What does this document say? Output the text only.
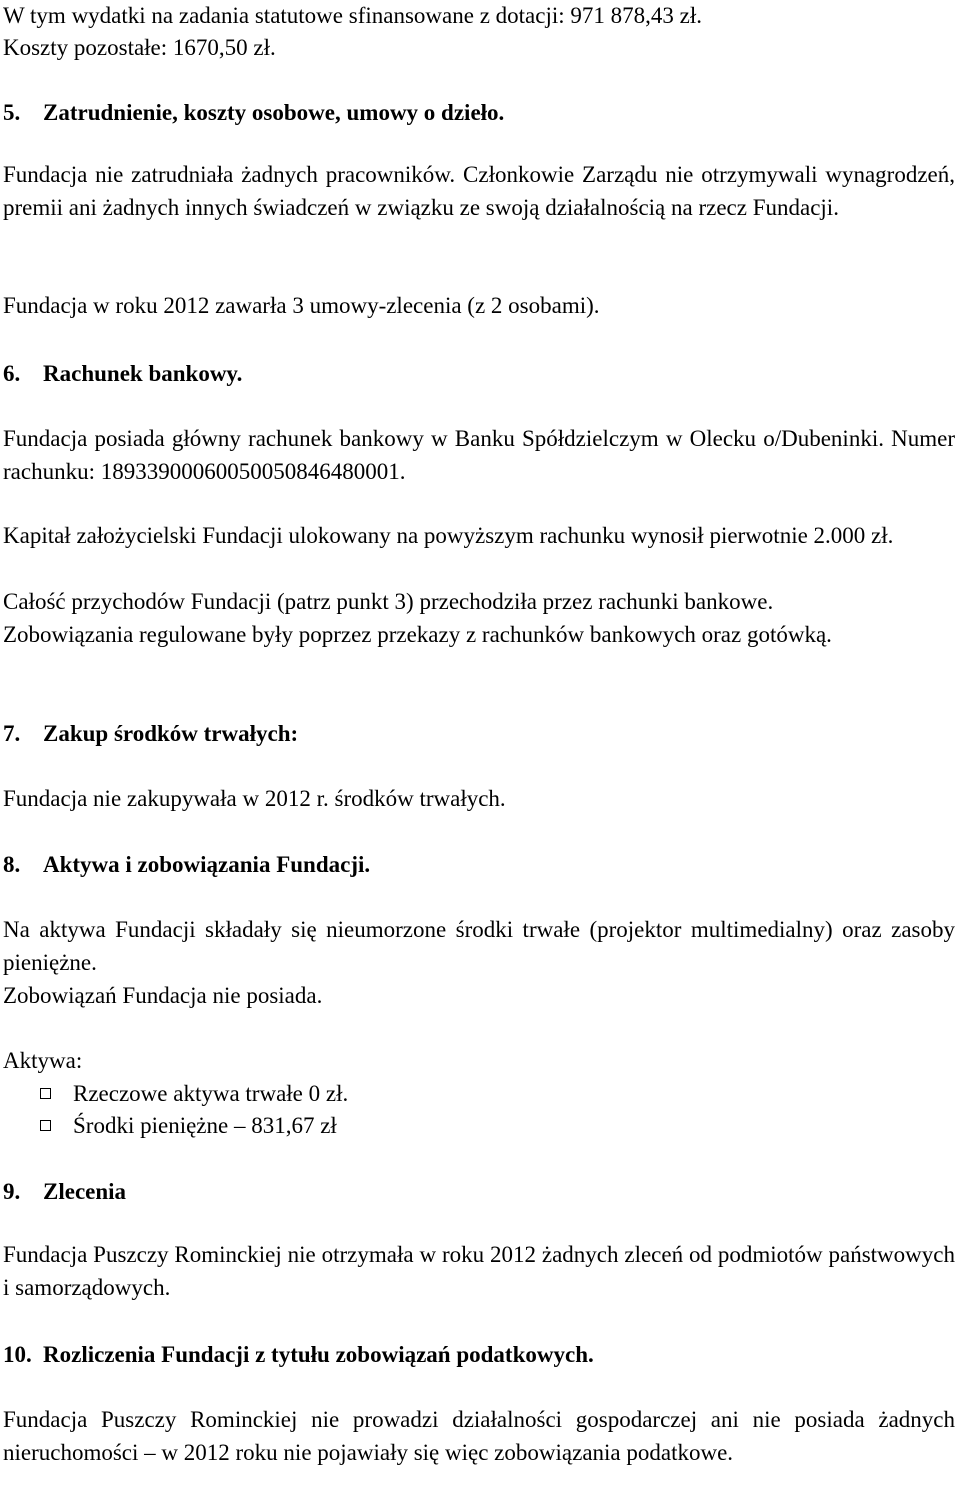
W tym wydatki na zadania statutowe sfinansowane z dotacji: 971 878,43 zł.

Koszty pozostałe: 1670,50 zł.

5. Zatrudnienie, koszty osobowe, umowy o dzieło.

Fundacja nie zatrudniała żadnych pracowników. Członkowie Zarządu nie otrzymywali wynagrodzeń, premii ani żadnych innych świadczeń w związku ze swoją działalnością na rzecz Fundacji.

Fundacja w roku 2012 zawarła 3 umowy-zlecenia (z 2 osobami).

6. Rachunek bankowy.

Fundacja posiada główny rachunek bankowy w Banku Spółdzielczym w Olecku o/Dubeninki. Numer rachunku: 18933900060050050846480001.

Kapitał założycielski Fundacji ulokowany na powyższym rachunku wynosił pierwotnie 2.000 zł.

Całość przychodów Fundacji (patrz punkt 3) przechodziła przez rachunki bankowe.

Zobowiązania regulowane były poprzez przekazy z rachunków bankowych oraz gotówką.

7. Zakup środków trwałych:

Fundacja nie zakupywała w 2012 r. środków trwałych.

8. Aktywa i zobowiązania Fundacji.

Na aktywa Fundacji składały się nieumorzone środki trwałe (projektor multimedialny) oraz zasoby pieniężne.

Zobowiązań Fundacja nie posiada.

Aktywa:

Rzeczowe aktywa trwałe 0 zł.

Środki pieniężne – 831,67 zł

9. Zlecenia

Fundacja Puszczy Rominckiej nie otrzymała w roku 2012 żadnych zleceń od podmiotów państwowych i samorządowych.

10. Rozliczenia Fundacji z tytułu zobowiązań podatkowych.

Fundacja Puszczy Rominckiej nie prowadzi działalności gospodarczej ani nie posiada żadnych nieruchomości – w 2012 roku nie pojawiały się więc zobowiązania podatkowe.
